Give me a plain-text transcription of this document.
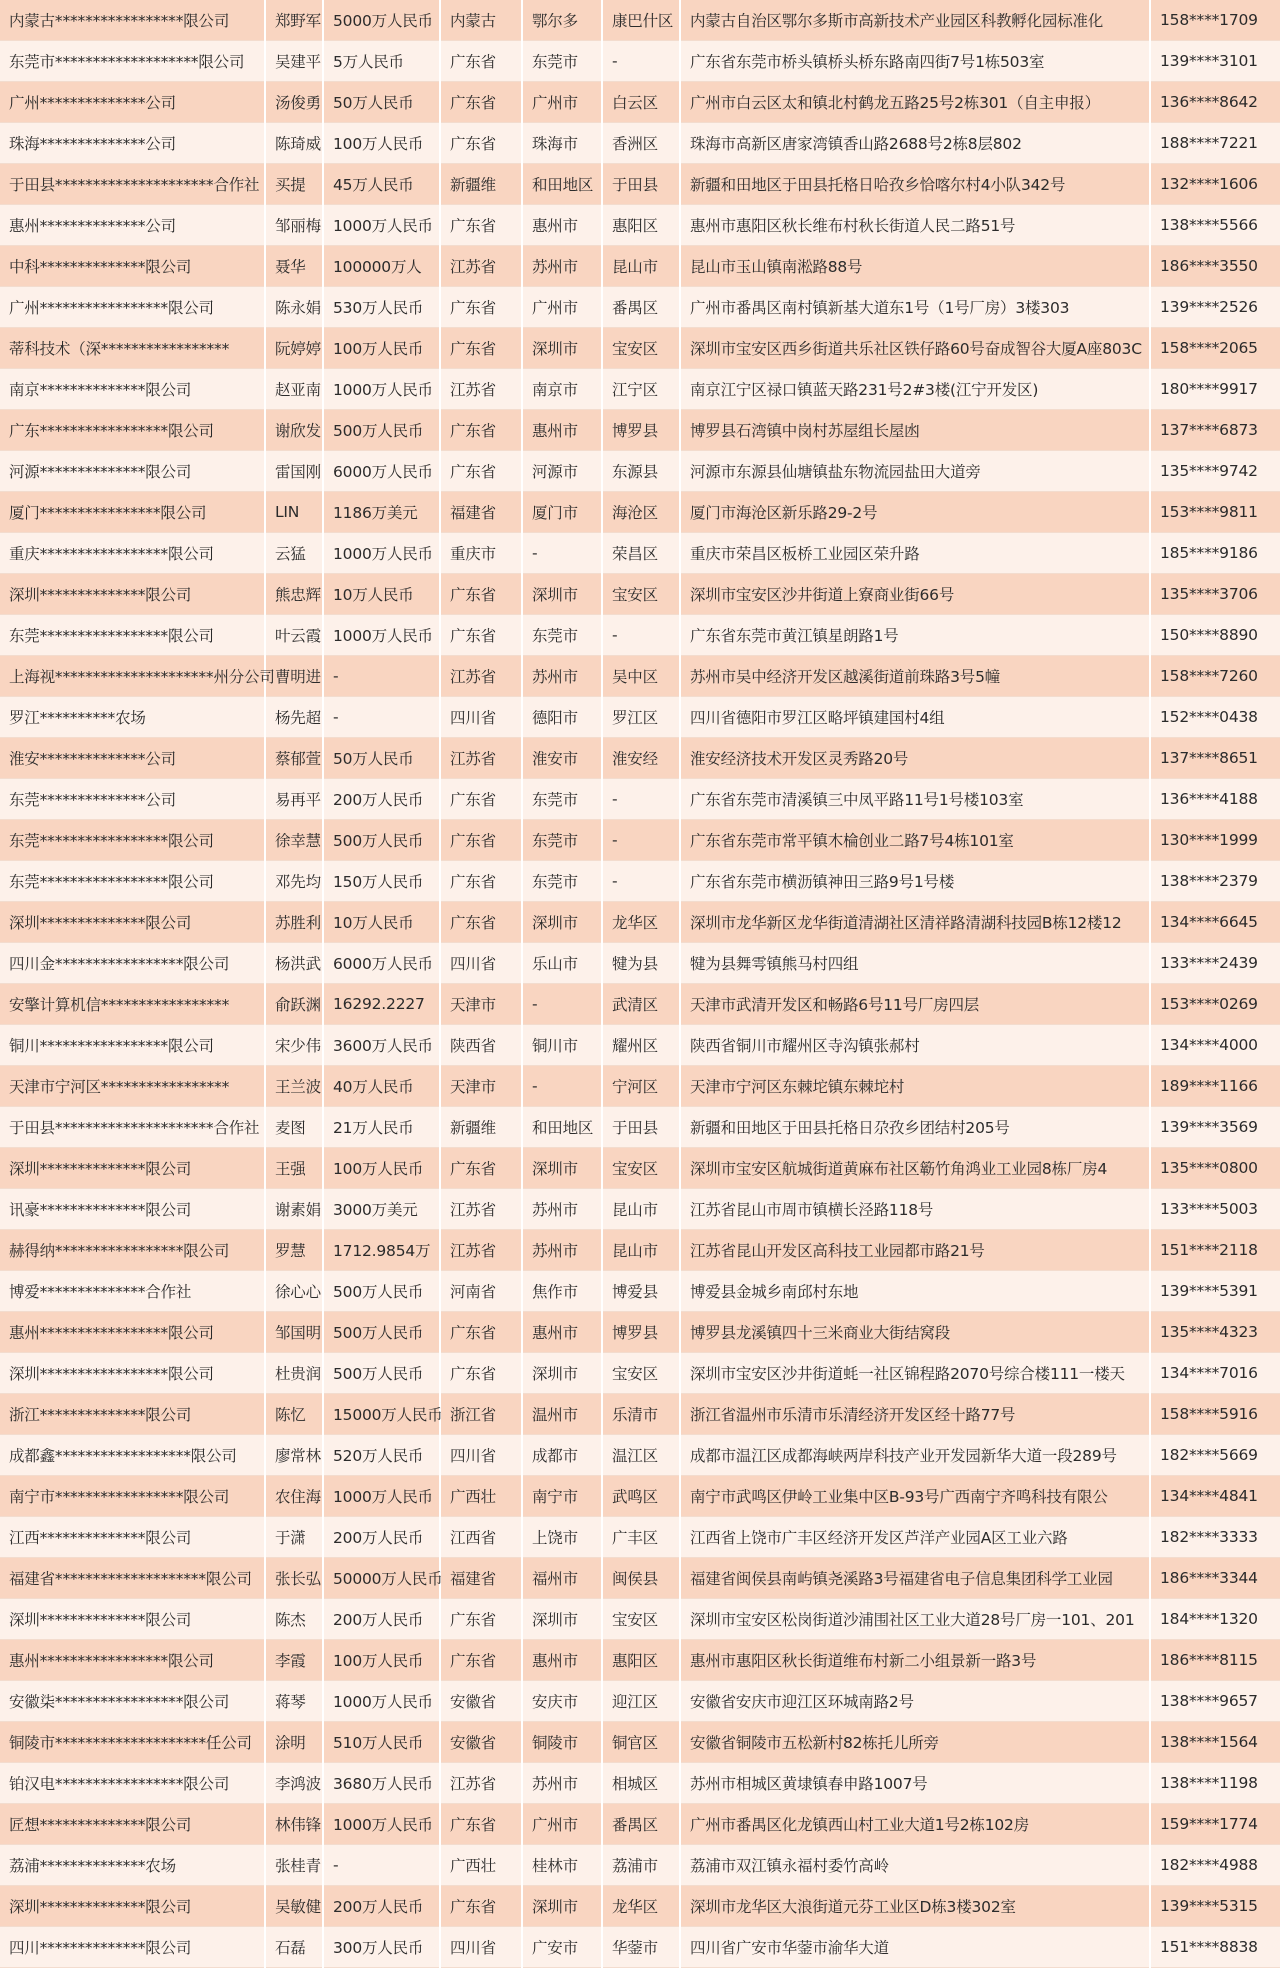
内蒙古*****************限公司	郑野军	5000万人民币	内蒙古	鄂尔多	康巴什区	内蒙古自治区鄂尔多斯市高新技术产业园区科教孵化园标准化	158****1709
东莞市*******************限公司	吴建平	5万人民币	广东省	东莞市	-	广东省东莞市桥头镇桥头桥东路南四街7号1栋503室	139****3101
广州**************公司	汤俊勇	50万人民币	广东省	广州市	白云区	广州市白云区太和镇北村鹤龙五路25号2栋301（自主申报）	136****8642
珠海**************公司	陈琦威	100万人民币	广东省	珠海市	香洲区	珠海市高新区唐家湾镇香山路2688号2栋8层802	188****7221
于田县*********************合作社	买提	45万人民币	新疆维	和田地区	于田县	新疆和田地区于田县托格日哈孜乡恰喀尔村4小队342号	132****1606
惠州**************公司	邹丽梅	1000万人民币	广东省	惠州市	惠阳区	惠州市惠阳区秋长维布村秋长街道人民二路51号	138****5566
中科**************限公司	聂华	100000万人	江苏省	苏州市	昆山市	昆山市玉山镇南淞路88号	186****3550
广州*****************限公司	陈永娟	530万人民币	广东省	广州市	番禺区	广州市番禺区南村镇新基大道东1号（1号厂房）3楼303	139****2526
蒂科技术（深*****************	阮婷婷	100万人民币	广东省	深圳市	宝安区	深圳市宝安区西乡街道共乐社区铁仔路60号奋成智谷大厦A座803C	158****2065
南京**************限公司	赵亚南	1000万人民币	江苏省	南京市	江宁区	南京江宁区禄口镇蓝天路231号2#3楼(江宁开发区)	180****9917
广东*****************限公司	谢欣发	500万人民币	广东省	惠州市	博罗县	博罗县石湾镇中岗村苏屋组长屋凼	137****6873
河源**************限公司	雷国刚	6000万人民币	广东省	河源市	东源县	河源市东源县仙塘镇盐东物流园盐田大道旁	135****9742
厦门****************限公司	LIN	1186万美元	福建省	厦门市	海沧区	厦门市海沧区新乐路29-2号	153****9811
重庆*****************限公司	云猛	1000万人民币	重庆市	-	荣昌区	重庆市荣昌区板桥工业园区荣升路	185****9186
深圳**************限公司	熊忠辉	10万人民币	广东省	深圳市	宝安区	深圳市宝安区沙井街道上寮商业街66号	135****3706
东莞*****************限公司	叶云霞	1000万人民币	广东省	东莞市	-	广东省东莞市黄江镇星朗路1号	150****8890
上海视*********************州分公司	曹明进	-	江苏省	苏州市	吴中区	苏州市吴中经济开发区越溪街道前珠路3号5幢	158****7260
罗江**********农场	杨先超	-	四川省	德阳市	罗江区	四川省德阳市罗江区略坪镇建国村4组	152****0438
淮安**************公司	蔡郁萱	50万人民币	江苏省	淮安市	淮安经	淮安经济技术开发区灵秀路20号	137****8651
东莞**************公司	易再平	200万人民币	广东省	东莞市	-	广东省东莞市清溪镇三中凤平路11号1号楼103室	136****4188
东莞*****************限公司	徐幸慧	500万人民币	广东省	东莞市	-	广东省东莞市常平镇木棆创业二路7号4栋101室	130****1999
东莞*****************限公司	邓先均	150万人民币	广东省	东莞市	-	广东省东莞市横沥镇神田三路9号1号楼	138****2379
深圳**************限公司	苏胜利	10万人民币	广东省	深圳市	龙华区	深圳市龙华新区龙华街道清湖社区清祥路清湖科技园B栋12楼12	134****6645
四川金*****************限公司	杨洪武	6000万人民币	四川省	乐山市	犍为县	犍为县舞雩镇熊马村四组	133****2439
安擎计算机信*****************	俞跃渊	16292.2227	天津市	-	武清区	天津市武清开发区和畅路6号11号厂房四层	153****0269
铜川*****************限公司	宋少伟	3600万人民币	陕西省	铜川市	耀州区	陕西省铜川市耀州区寺沟镇张郝村	134****4000
天津市宁河区*****************	王兰波	40万人民币	天津市	-	宁河区	天津市宁河区东棘坨镇东棘坨村	189****1166
于田县*********************合作社	麦图	21万人民币	新疆维	和田地区	于田县	新疆和田地区于田县托格日尕孜乡团结村205号	139****3569
深圳**************限公司	王强	100万人民币	广东省	深圳市	宝安区	深圳市宝安区航城街道黄麻布社区簕竹角鸿业工业园8栋厂房4	135****0800
讯豪**************限公司	谢素娟	3000万美元	江苏省	苏州市	昆山市	江苏省昆山市周市镇横长泾路118号	133****5003
赫得纳*****************限公司	罗慧	1712.9854万	江苏省	苏州市	昆山市	江苏省昆山开发区高科技工业园都市路21号	151****2118
博爱**************合作社	徐心心	500万人民币	河南省	焦作市	博爱县	博爱县金城乡南邱村东地	139****5391
惠州*****************限公司	邹国明	500万人民币	广东省	惠州市	博罗县	博罗县龙溪镇四十三米商业大街结窝段	135****4323
深圳*****************限公司	杜贵润	500万人民币	广东省	深圳市	宝安区	深圳市宝安区沙井街道蚝一社区锦程路2070号综合楼111一楼天	134****7016
浙江**************限公司	陈忆	15000万人民币	浙江省	温州市	乐清市	浙江省温州市乐清市乐清经济开发区经十路77号	158****5916
成都鑫******************限公司	廖常林	520万人民币	四川省	成都市	温江区	成都市温江区成都海峡两岸科技产业开发园新华大道一段289号	182****5669
南宁市*****************限公司	农住海	1000万人民币	广西壮	南宁市	武鸣区	南宁市武鸣区伊岭工业集中区B-93号广西南宁齐鸣科技有限公	134****4841
江西**************限公司	于潇	200万人民币	江西省	上饶市	广丰区	江西省上饶市广丰区经济开发区芦洋产业园A区工业六路	182****3333
福建省********************限公司	张长弘	50000万人民币	福建省	福州市	闽侯县	福建省闽侯县南屿镇尧溪路3号福建省电子信息集团科学工业园	186****3344
深圳**************限公司	陈杰	200万人民币	广东省	深圳市	宝安区	深圳市宝安区松岗街道沙浦围社区工业大道28号厂房一101、201	184****1320
惠州*****************限公司	李霞	100万人民币	广东省	惠州市	惠阳区	惠州市惠阳区秋长街道维布村新二小组景新一路3号	186****8115
安徽柒*****************限公司	蒋琴	1000万人民币	安徽省	安庆市	迎江区	安徽省安庆市迎江区环城南路2号	138****9657
铜陵市********************任公司	涂明	510万人民币	安徽省	铜陵市	铜官区	安徽省铜陵市五松新村82栋托儿所旁	138****1564
铂汉电*****************限公司	李鸿波	3680万人民币	江苏省	苏州市	相城区	苏州市相城区黄埭镇春申路1007号	138****1198
匠想**************限公司	林伟锋	1000万人民币	广东省	广州市	番禺区	广州市番禺区化龙镇西山村工业大道1号2栋102房	159****1774
荔浦**************农场	张桂青	-	广西壮	桂林市	荔浦市	荔浦市双江镇永福村委竹高岭	182****4988
深圳**************限公司	吴敏健	200万人民币	广东省	深圳市	龙华区	深圳市龙华区大浪街道元芬工业区D栋3楼302室	139****5315
四川**************限公司	石磊	300万人民币	四川省	广安市	华蓥市	四川省广安市华蓥市渝华大道	151****8838
